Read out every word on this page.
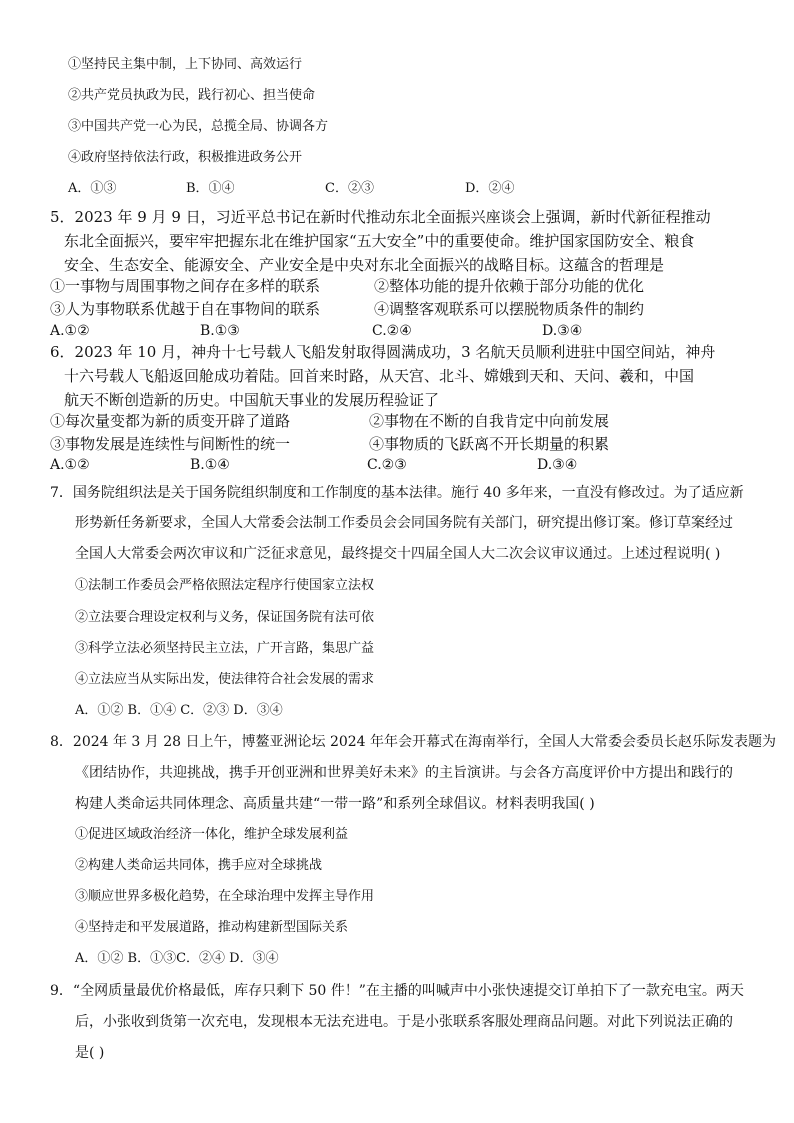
①坚持民主集中制，上下协同、高效运行
②共产党员执政为民，践行初心、担当使命
③中国共产党一心为民，总揽全局、协调各方
④政府坚持依法行政，积极推进政务公开
A．①③	B．①④	C．②③	D．②④
5．2023 年 9 月 9 日，习近平总书记在新时代推动东北全面振兴座谈会上强调，新时代新征程推动
东北全面振兴，要牢牢把握东北在维护国家“五大安全”中的重要使命。维护国家国防安全、粮食
安全、生态安全、能源安全、产业安全是中央对东北全面振兴的战略目标。这蕴含的哲理是
①一事物与周围事物之间存在多样的联系	②整体功能的提升依赖于部分功能的优化
③人为事物联系优越于自在事物间的联系	④调整客观联系可以摆脱物质条件的制约
A.①②	B.①③	C.②④	D.③④
6．2023 年 10 月，神舟十七号载人飞船发射取得圆满成功，3 名航天员顺利进驻中国空间站，神舟
十六号载人飞船返回舱成功着陆。回首来时路，从天宫、北斗、嫦娥到天和、天问、羲和，中国
航天不断创造新的历史。中国航天事业的发展历程验证了
①每次量变都为新的质变开辟了道路	②事物在不断的自我肯定中向前发展
③事物发展是连续性与间断性的统一	④事物质的飞跃离不开长期量的积累
A.①②	B.①④	C.②③	D.③④
7．国务院组织法是关于国务院组织制度和工作制度的基本法律。施行 40 多年来，一直没有修改过。为了适应新
形势新任务新要求，全国人大常委会法制工作委员会会同国务院有关部门，研究提出修订案。修订草案经过
全国人大常委会两次审议和广泛征求意见，最终提交十四届全国人大二次会议审议通过。上述过程说明( )
①法制工作委员会严格依照法定程序行使国家立法权
②立法要合理设定权利与义务，保证国务院有法可依
③科学立法必须坚持民主立法，广开言路，集思广益
④立法应当从实际出发，使法律符合社会发展的需求
A．①② B．①④ C．②③ D．③④
8．2024 年 3 月 28 日上午，博鳌亚洲论坛 2024 年年会开幕式在海南举行，全国人大常委会委员长赵乐际发表题为
《团结协作，共迎挑战，携手开创亚洲和世界美好未来》的主旨演讲。与会各方高度评价中方提出和践行的
构建人类命运共同体理念、高质量共建“一带一路”和系列全球倡议。材料表明我国( )
①促进区域政治经济一体化，维护全球发展利益
②构建人类命运共同体，携手应对全球挑战
③顺应世界多极化趋势，在全球治理中发挥主导作用
④坚持走和平发展道路，推动构建新型国际关系
A．①② B．①③C．②④ D．③④
9．“全网质量最优价格最低，库存只剩下 50 件！”在主播的叫喊声中小张快速提交订单拍下了一款充电宝。两天
后，小张收到货第一次充电，发现根本无法充进电。于是小张联系客服处理商品问题。对此下列说法正确的
是( )
